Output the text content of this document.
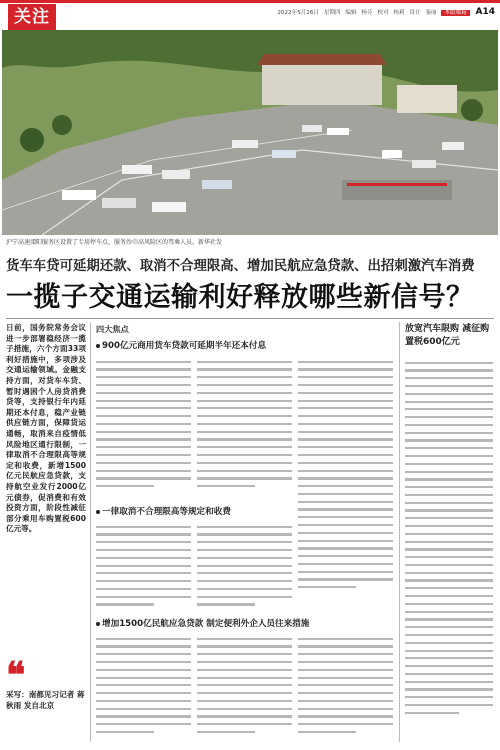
关注	2022年5月26日 星期四 编辑 杨芬 校对 杨莉 设计 秦丽 本版邮箱 A14
沪宁高速溧阳服务区设置了专用停车点，服务沙巾高风险区的驾乘人员。新华社发
货车车贷可延期还款、取消不合理限高、增加民航应急贷款、出招刺激汽车消费
一揽子交通运输利好释放哪些新信号？
日前，国务院常务会议进一步部署稳经济一揽子措施，六个方面33项利好措施中，多项涉及交通运输领域。金融支持方面，对货车车贷、暂时遇困个人房贷消费贷等，支持银行年内延期还本付息，稳产业链供应链方面，保障货运通畅，取消来自疫情低风险地区通行限制，一律取消不合理限高等规定和收费，新增1500亿元民航应急贷款，支持航空业发行2000亿元债券，促消费和有效投资方面，阶段性减征部分乘用车购置税600亿元等。
❝
采写：南都见习记者 蒋秋雨 发自北京
四大焦点
900亿元商用货车贷款可延期半年还本付息
一律取消不合理限高等规定和收费
增加1500亿民航应急贷款 制定便利外企人员往来措施
放宽汽车限购 减征购置税600亿元
